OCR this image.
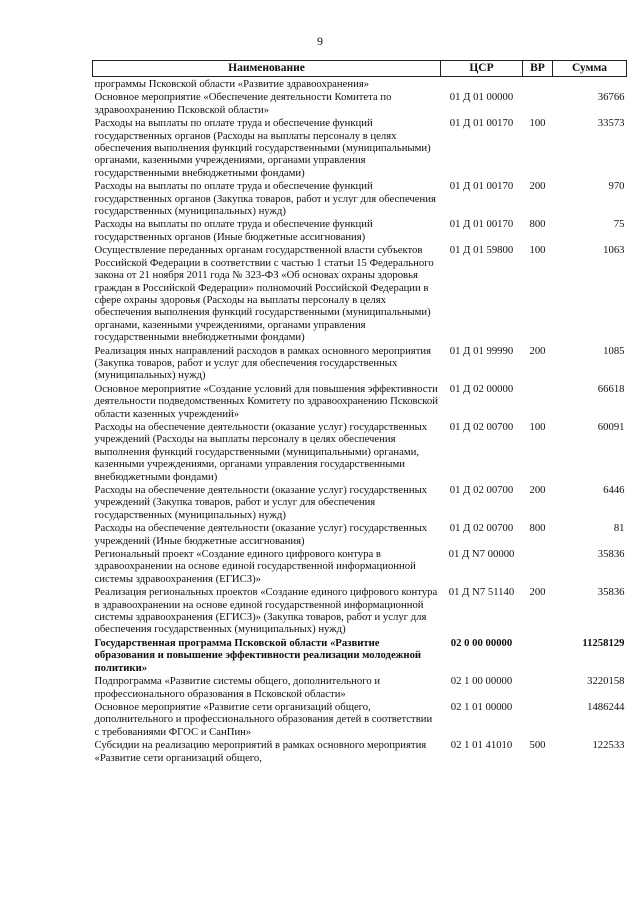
9
Наименование	ЦСР	ВР	Сумма
программы Псковской области «Развитие здравоохранения»			
Основное мероприятие «Обеспечение деятельности Комитета по здравоохранению Псковской области»	01 Д 01 00000		36766
Расходы на выплаты по оплате труда и обеспечение функций государственных органов (Расходы на выплаты персоналу в целях обеспечения выполнения функций государственными (муниципальными) органами, казенными учреждениями, органами управления государственными внебюджетными фондами)	01 Д 01 00170	100	33573
Расходы на выплаты по оплате труда и обеспечение функций государственных органов (Закупка товаров, работ и услуг для обеспечения государственных (муниципальных) нужд)	01 Д 01 00170	200	970
Расходы на выплаты по оплате труда и обеспечение функций государственных органов (Иные бюджетные ассигнования)	01 Д 01 00170	800	75
Осуществление переданных органам государственной власти субъектов Российской Федерации в соответствии с частью 1 статьи 15 Федерального закона от 21 ноября 2011 года № 323-ФЗ «Об основах охраны здоровья граждан в Российской Федерации» полномочий Российской Федерации в сфере охраны здоровья (Расходы на выплаты персоналу в целях обеспечения выполнения функций государственными (муниципальными) органами, казенными учреждениями, органами управления государственными внебюджетными фондами)	01 Д 01 59800	100	1063
Реализация иных направлений расходов в рамках основного мероприятия (Закупка товаров, работ и услуг для обеспечения государственных (муниципальных) нужд)	01 Д 01 99990	200	1085
Основное мероприятие «Создание условий для повышения эффективности деятельности подведомственных Комитету по здравоохранению Псковской области казенных учреждений»	01 Д 02 00000		66618
Расходы на обеспечение деятельности (оказание услуг) государственных учреждений (Расходы на выплаты персоналу в целях обеспечения выполнения функций государственными (муниципальными) органами, казенными учреждениями, органами управления государственными внебюджетными фондами)	01 Д 02 00700	100	60091
Расходы на обеспечение деятельности (оказание услуг) государственных учреждений (Закупка товаров, работ и услуг для обеспечения государственных (муниципальных) нужд)	01 Д 02 00700	200	6446
Расходы на обеспечение деятельности (оказание услуг) государственных учреждений (Иные бюджетные ассигнования)	01 Д 02 00700	800	81
Региональный проект «Создание единого цифрового контура в здравоохранении на основе единой государственной информационной системы здравоохранения (ЕГИСЗ)»	01 Д N7 00000		35836
Реализация региональных проектов «Создание единого цифрового контура в здравоохранении на основе единой государственной информационной системы здравоохранения (ЕГИСЗ)» (Закупка товаров, работ и услуг для обеспечения государственных (муниципальных) нужд)	01 Д N7 51140	200	35836
Государственная программа Псковской области «Развитие образования и повышение эффективности реализации молодежной политики»	02 0 00 00000		11258129
Подпрограмма «Развитие системы общего, дополнительного и профессионального образования в Псковской области»	02 1 00 00000		3220158
Основное мероприятие «Развитие сети организаций общего, дополнительного и профессионального образования детей в соответствии с требованиями ФГОС и СанПин»	02 1 01 00000		1486244
Субсидии на реализацию мероприятий в рамках основного мероприятия «Развитие сети организаций общего,	02 1 01 41010	500	122533
